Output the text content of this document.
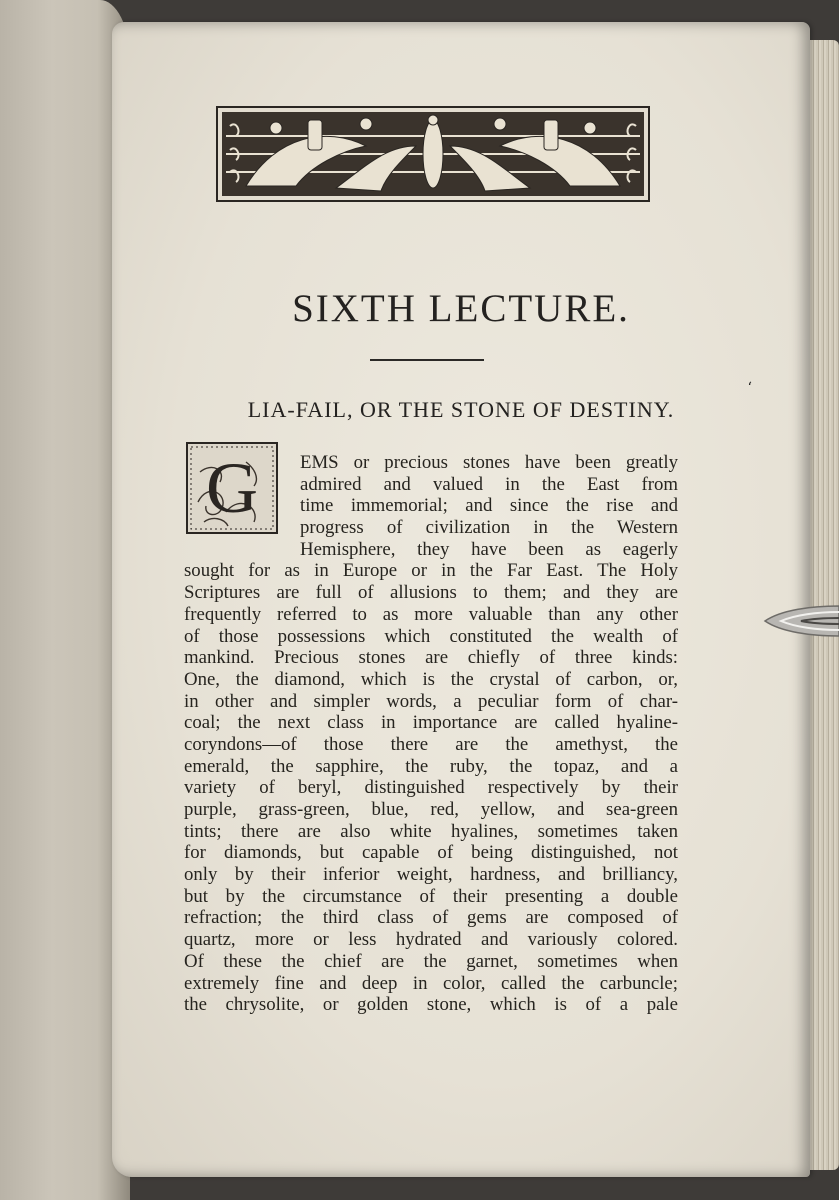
SIXTH LECTURE.
LIA-FAIL, OR THE STONE OF DESTINY.
G	EMS or precious stones have been greatly
admired and valued in the East from
time immemorial; and since the rise and
progress of civilization in the Western
Hemisphere, they have been as eagerly
sought for as in Europe or in the Far East. The Holy
Scriptures are full of allusions to them; and they are
frequently referred to as more valuable than any other
of those possessions which constituted the wealth of
mankind. Precious stones are chiefly of three kinds:
One, the diamond, which is the crystal of carbon, or,
in other and simpler words, a peculiar form of char-
coal; the next class in importance are called hyaline-
coryndons—of those there are the amethyst, the
emerald, the sapphire, the ruby, the topaz, and a
variety of beryl, distinguished respectively by their
purple, grass-green, blue, red, yellow, and sea-green
tints; there are also white hyalines, sometimes taken
for diamonds, but capable of being distinguished, not
only by their inferior weight, hardness, and brilliancy,
but by the circumstance of their presenting a double
refraction; the third class of gems are composed of
quartz, more or less hydrated and variously colored.
Of these the chief are the garnet, sometimes when
extremely fine and deep in color, called the carbuncle;
the chrysolite, or golden stone, which is of a pale
ʻ
